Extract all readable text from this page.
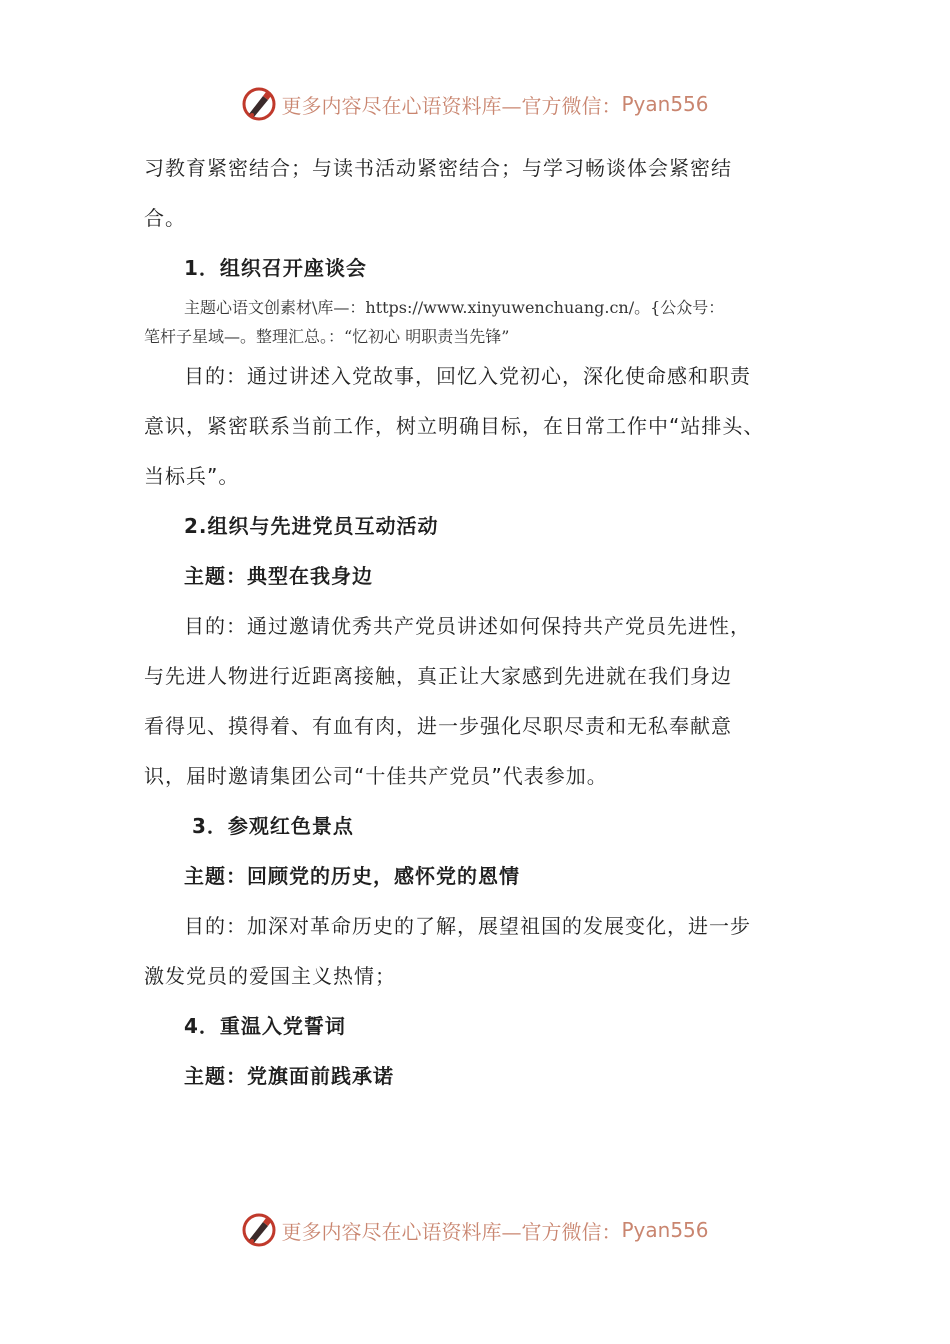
更多内容尽在心语资料库—官方微信： Pyan556

习教育紧密结合；与读书活动紧密结合；与学习畅谈体会紧密结

合。

1．组织召开座谈会

主题心语文创素材\库—：https://www.xinyuwenchuang.cn/。{公众号：

笔杆子星域—。整理汇总。：“忆初心 明职责当先锋”

目的：通过讲述入党故事，回忆入党初心，深化使命感和职责

意识，紧密联系当前工作，树立明确目标，在日常工作中“站排头、

当标兵”。

2.组织与先进党员互动活动

主题：典型在我身边

目的：通过邀请优秀共产党员讲述如何保持共产党员先进性，

与先进人物进行近距离接触，真正让大家感到先进就在我们身边

看得见、摸得着、有血有肉，进一步强化尽职尽责和无私奉献意

识，届时邀请集团公司“十佳共产党员”代表参加。

3．参观红色景点

主题：回顾党的历史，感怀党的恩情

目的：加深对革命历史的了解，展望祖国的发展变化，进一步

激发党员的爱国主义热情；

4．重温入党誓词

主题：党旗面前践承诺

更多内容尽在心语资料库—官方微信： Pyan556
